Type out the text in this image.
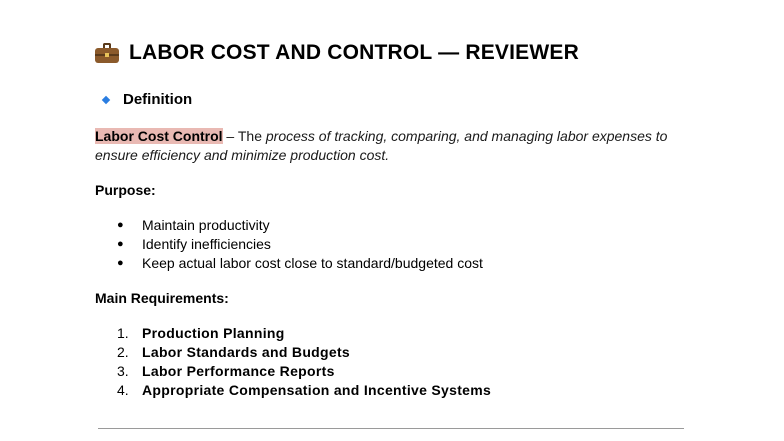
LABOR COST AND CONTROL — REVIEWER
Definition
Labor Cost Control – The process of tracking, comparing, and managing labor expenses to ensure efficiency and minimize production cost.
Purpose:
●	Maintain productivity
●	Identify inefficiencies
●	Keep actual labor cost close to standard/budgeted cost
Main Requirements:
1. Production Planning
2. Labor Standards and Budgets
3. Labor Performance Reports
4. Appropriate Compensation and Incentive Systems
